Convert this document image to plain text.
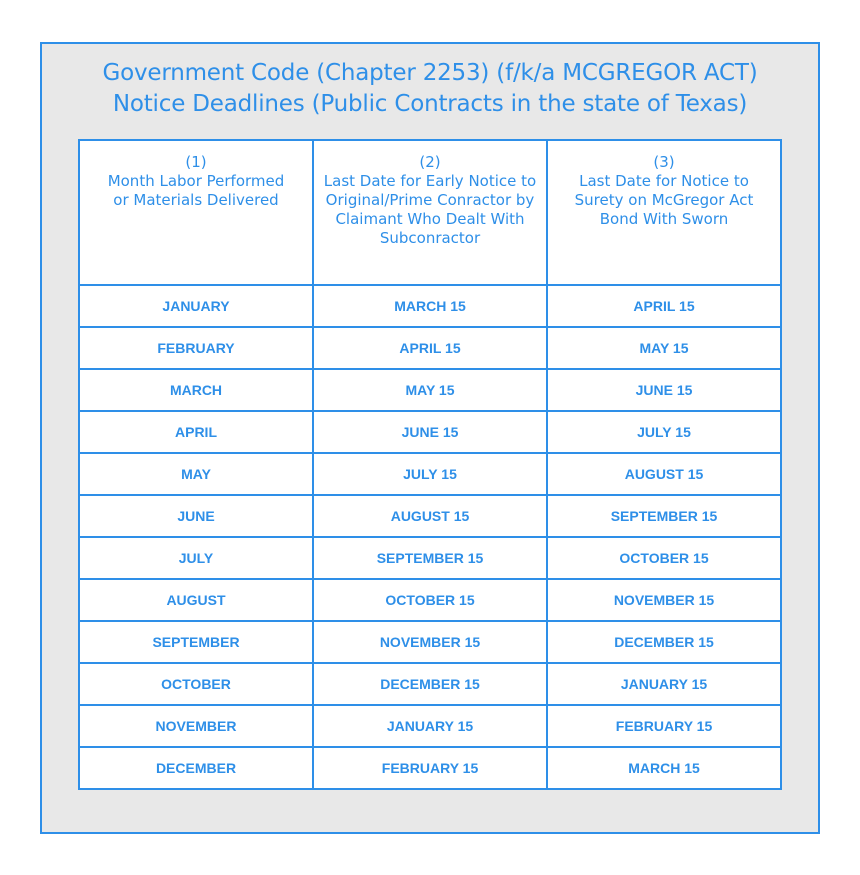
Government Code (Chapter 2253) (f/k/a MCGREGOR ACT)
Notice Deadlines (Public Contracts in the state of Texas)
(1)
Month Labor Performed
or Materials Delivered	(2)
Last Date for Early Notice to
Original/Prime Conractor by
Claimant Who Dealt With
Subconractor	(3)
Last Date for Notice to
Surety on McGregor Act
Bond With Sworn

JANUARY	MARCH 15	APRIL 15
FEBRUARY	APRIL 15	MAY 15
MARCH	MAY 15	JUNE 15
APRIL	JUNE 15	JULY 15
MAY	JULY 15	AUGUST 15
JUNE	AUGUST 15	SEPTEMBER 15
JULY	SEPTEMBER 15	OCTOBER 15
AUGUST	OCTOBER 15	NOVEMBER 15
SEPTEMBER	NOVEMBER 15	DECEMBER 15
OCTOBER	DECEMBER 15	JANUARY 15
NOVEMBER	JANUARY 15	FEBRUARY 15
DECEMBER	FEBRUARY 15	MARCH 15
